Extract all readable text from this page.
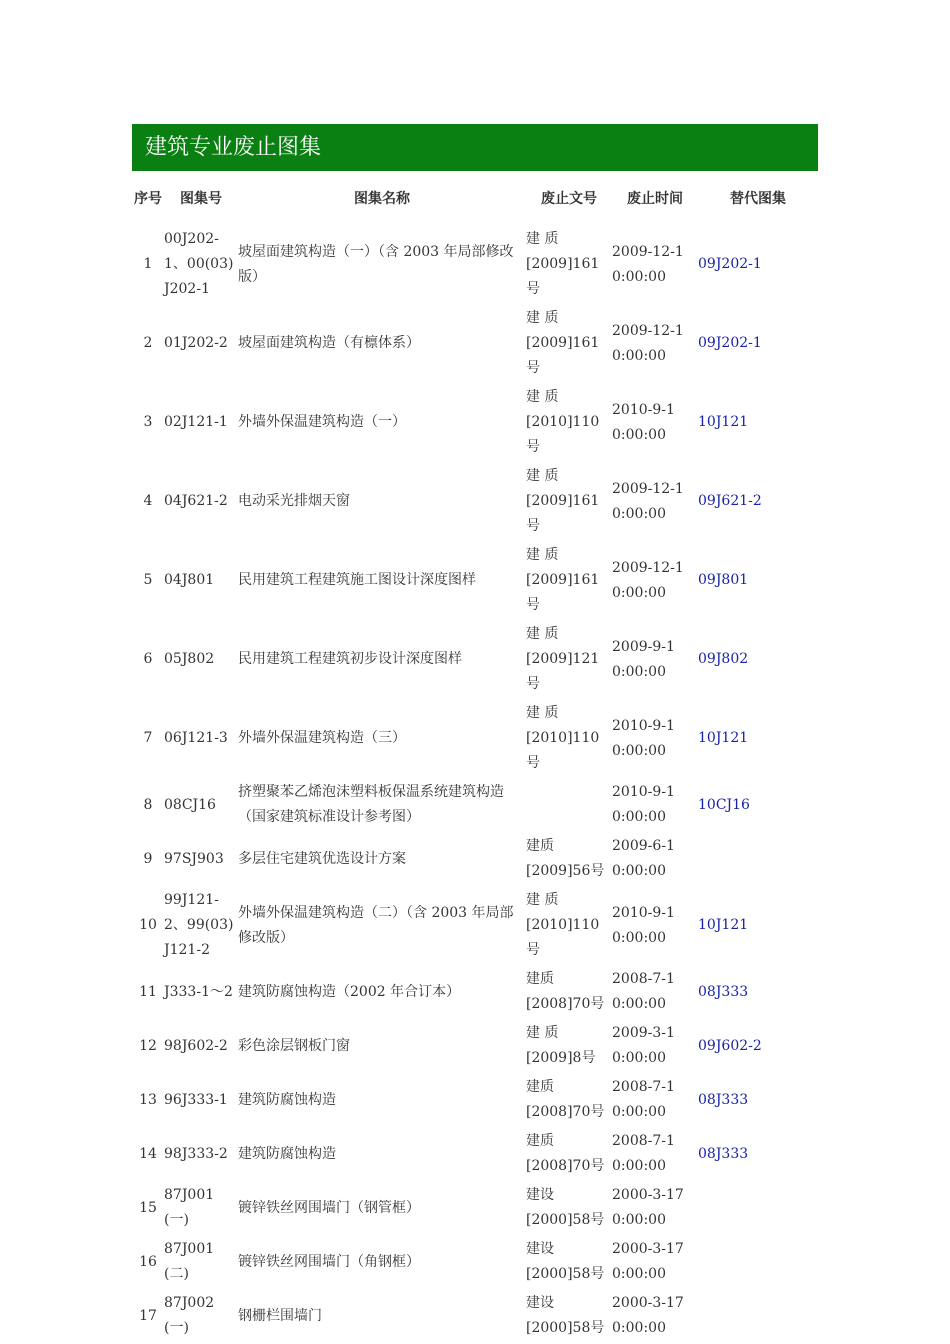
建筑专业废止图集
序号	图集号	图集名称	废止文号	废止时间	替代图集
1	00J202-1、00(03)J202-1	坡屋面建筑构造（一）（含 2003 年局部修改版）	建 质[2009]161 号	2009-12-1 0:00:00	09J202-1
2	01J202-2	坡屋面建筑构造（有檩体系）	建 质[2009]161 号	2009-12-1 0:00:00	09J202-1
3	02J121-1	外墙外保温建筑构造（一）	建 质[2010]110 号	2010-9-1 0:00:00	10J121
4	04J621-2	电动采光排烟天窗	建 质[2009]161 号	2009-12-1 0:00:00	09J621-2
5	04J801	民用建筑工程建筑施工图设计深度图样	建 质[2009]161 号	2009-12-1 0:00:00	09J801
6	05J802	民用建筑工程建筑初步设计深度图样	建 质[2009]121 号	2009-9-1 0:00:00	09J802
7	06J121-3	外墙外保温建筑构造（三）	建 质[2010]110 号	2010-9-1 0:00:00	10J121
8	08CJ16	挤塑聚苯乙烯泡沫塑料板保温系统建筑构造（国家建筑标准设计参考图）		2010-9-1 0:00:00	10CJ16
9	97SJ903	多层住宅建筑优选设计方案	建质[2009]56号	2009-6-1 0:00:00	
10	99J121-2、99(03)J121-2	外墙外保温建筑构造（二）（含 2003 年局部修改版）	建 质[2010]110 号	2010-9-1 0:00:00	10J121
11	J333-1～2	建筑防腐蚀构造（2002 年合订本）	建质[2008]70号	2008-7-1 0:00:00	08J333
12	98J602-2	彩色涂层钢板门窗	建 质 [2009]8号	2009-3-1 0:00:00	09J602-2
13	96J333-1	建筑防腐蚀构造	建质[2008]70号	2008-7-1 0:00:00	08J333
14	98J333-2	建筑防腐蚀构造	建质[2008]70号	2008-7-1 0:00:00	08J333
15	87J001(一)	镀锌铁丝网围墙门（钢管框）	建设[2000]58号	2000-3-17 0:00:00	
16	87J001(二)	镀锌铁丝网围墙门（角钢框）	建设[2000]58号	2000-3-17 0:00:00	
17	87J002(一)	钢栅栏围墙门	建设[2000]58号	2000-3-17 0:00:00	
